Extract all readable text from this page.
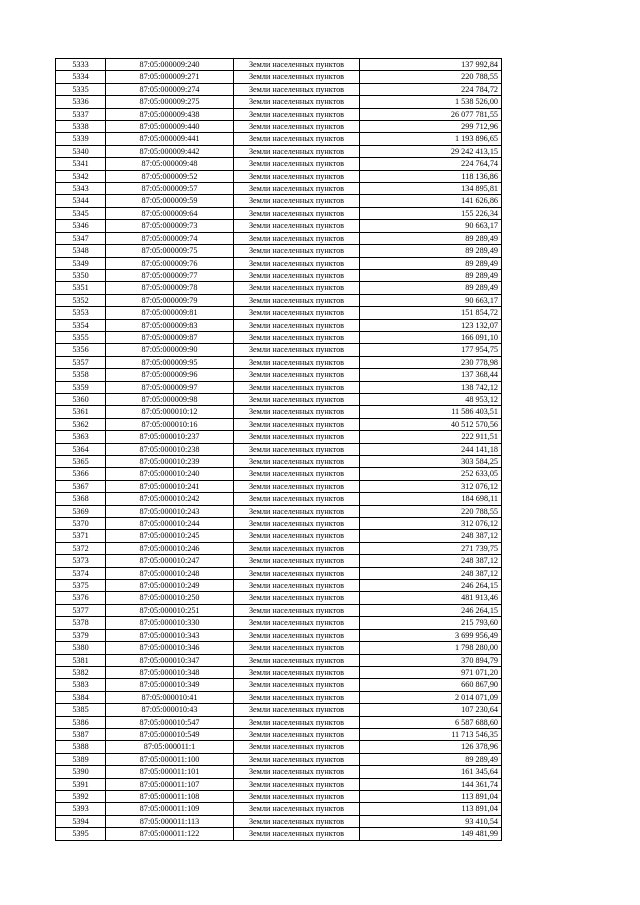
5333	87:05:000009:240	Земли населенных пунктов	137 992,84
5334	87:05:000009:271	Земли населенных пунктов	220 788,55
5335	87:05:000009:274	Земли населенных пунктов	224 784,72
5336	87:05:000009:275	Земли населенных пунктов	1 538 526,00
5337	87:05:000009:438	Земли населенных пунктов	26 077 781,55
5338	87:05:000009:440	Земли населенных пунктов	299 712,96
5339	87:05:000009:441	Земли населенных пунктов	1 193 896,65
5340	87:05:000009:442	Земли населенных пунктов	29 242 413,15
5341	87:05:000009:48	Земли населенных пунктов	224 764,74
5342	87:05:000009:52	Земли населенных пунктов	118 136,86
5343	87:05:000009:57	Земли населенных пунктов	134 895,81
5344	87:05:000009:59	Земли населенных пунктов	141 626,86
5345	87:05:000009:64	Земли населенных пунктов	155 226,34
5346	87:05:000009:73	Земли населенных пунктов	90 663,17
5347	87:05:000009:74	Земли населенных пунктов	89 289,49
5348	87:05:000009:75	Земли населенных пунктов	89 289,49
5349	87:05:000009:76	Земли населенных пунктов	89 289,49
5350	87:05:000009:77	Земли населенных пунктов	89 289,49
5351	87:05:000009:78	Земли населенных пунктов	89 289,49
5352	87:05:000009:79	Земли населенных пунктов	90 663,17
5353	87:05:000009:81	Земли населенных пунктов	151 854,72
5354	87:05:000009:83	Земли населенных пунктов	123 132,07
5355	87:05:000009:87	Земли населенных пунктов	166 091,10
5356	87:05:000009:90	Земли населенных пунктов	177 954,75
5357	87:05:000009:95	Земли населенных пунктов	230 778,98
5358	87:05:000009:96	Земли населенных пунктов	137 368,44
5359	87:05:000009:97	Земли населенных пунктов	138 742,12
5360	87:05:000009:98	Земли населенных пунктов	48 953,12
5361	87:05:000010:12	Земли населенных пунктов	11 586 403,51
5362	87:05:000010:16	Земли населенных пунктов	40 512 570,56
5363	87:05:000010:237	Земли населенных пунктов	222 911,51
5364	87:05:000010:238	Земли населенных пунктов	244 141,18
5365	87:05:000010:239	Земли населенных пунктов	303 584,25
5366	87:05:000010:240	Земли населенных пунктов	252 633,05
5367	87:05:000010:241	Земли населенных пунктов	312 076,12
5368	87:05:000010:242	Земли населенных пунктов	184 698,11
5369	87:05:000010:243	Земли населенных пунктов	220 788,55
5370	87:05:000010:244	Земли населенных пунктов	312 076,12
5371	87:05:000010:245	Земли населенных пунктов	248 387,12
5372	87:05:000010:246	Земли населенных пунктов	271 739,75
5373	87:05:000010:247	Земли населенных пунктов	248 387,12
5374	87:05:000010:248	Земли населенных пунктов	248 387,12
5375	87:05:000010:249	Земли населенных пунктов	246 264,15
5376	87:05:000010:250	Земли населенных пунктов	481 913,46
5377	87:05:000010:251	Земли населенных пунктов	246 264,15
5378	87:05:000010:330	Земли населенных пунктов	215 793,60
5379	87:05:000010:343	Земли населенных пунктов	3 699 956,49
5380	87:05:000010:346	Земли населенных пунктов	1 798 280,00
5381	87:05:000010:347	Земли населенных пунктов	370 894,79
5382	87:05:000010:348	Земли населенных пунктов	971 071,20
5383	87:05:000010:349	Земли населенных пунктов	660 867,90
5384	87:05:000010:41	Земли населенных пунктов	2 014 071,09
5385	87:05:000010:43	Земли населенных пунктов	107 230,64
5386	87:05:000010:547	Земли населенных пунктов	6 587 688,60
5387	87:05:000010:549	Земли населенных пунктов	11 713 546,35
5388	87:05:000011:1	Земли населенных пунктов	126 378,96
5389	87:05:000011:100	Земли населенных пунктов	89 289,49
5390	87:05:000011:101	Земли населенных пунктов	161 345,64
5391	87:05:000011:107	Земли населенных пунктов	144 361,74
5392	87:05:000011:108	Земли населенных пунктов	113 891,04
5393	87:05:000011:109	Земли населенных пунктов	113 891,04
5394	87:05:000011:113	Земли населенных пунктов	93 410,54
5395	87:05:000011:122	Земли населенных пунктов	149 481,99
